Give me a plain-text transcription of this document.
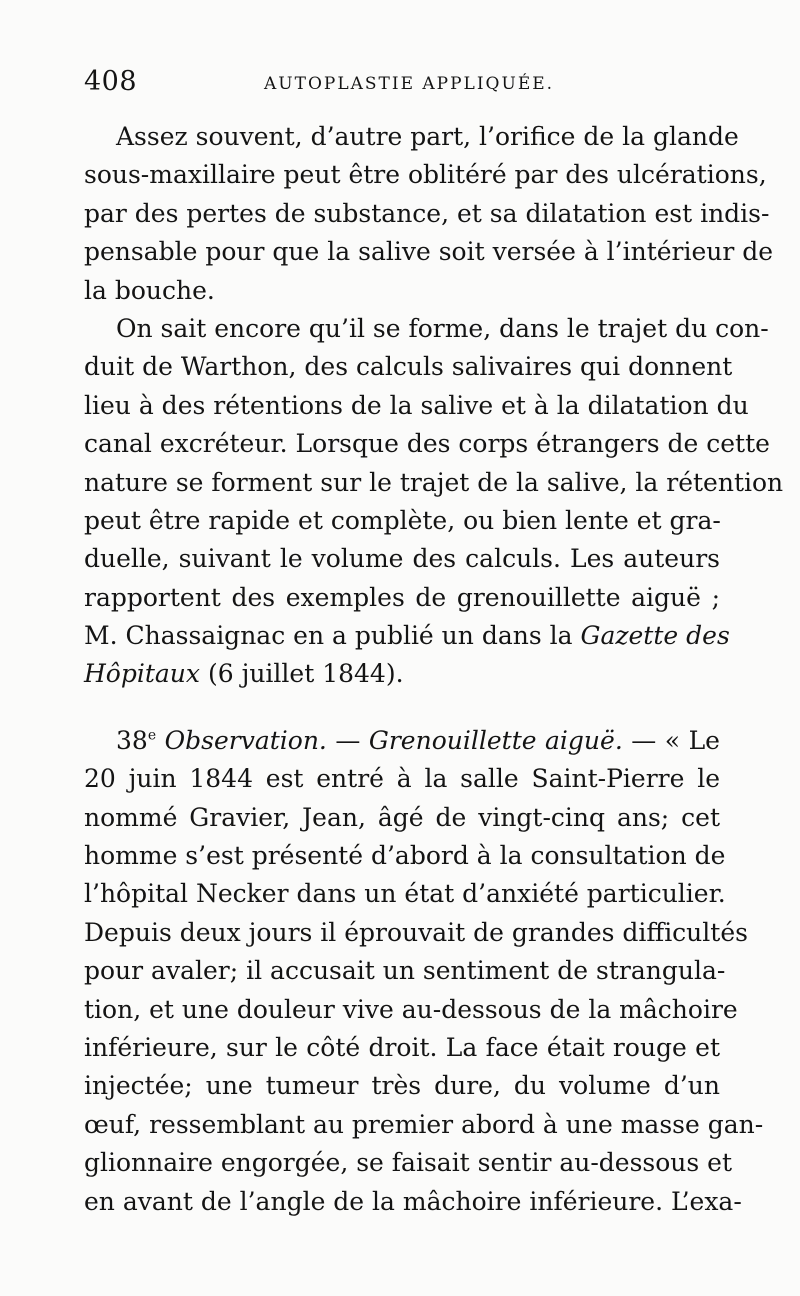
408	AUTOPLASTIE APPLIQUÉE.
Assez souvent, d’autre part, l’orifice de la glande
sous-maxillaire peut être oblitéré par des ulcérations,
par des pertes de substance, et sa dilatation est indis-
pensable pour que la salive soit versée à l’intérieur de
la bouche.
On sait encore qu’il se forme, dans le trajet du con-
duit de Warthon, des calculs salivaires qui donnent
lieu à des rétentions de la salive et à la dilatation du
canal excréteur. Lorsque des corps étrangers de cette
nature se forment sur le trajet de la salive, la rétention
peut être rapide et complète, ou bien lente et gra-
duelle, suivant le volume des calculs. Les auteurs
rapportent des exemples de grenouillette aiguë ;
M. Chassaignac en a publié un dans la Gazette des
Hôpitaux (6 juillet 1844).
38e Observation. — Grenouillette aiguë. — « Le
20 juin 1844 est entré à la salle Saint-Pierre le
nommé Gravier, Jean, âgé de vingt-cinq ans; cet
homme s’est présenté d’abord à la consultation de
l’hôpital Necker dans un état d’anxiété particulier.
Depuis deux jours il éprouvait de grandes difficultés
pour avaler; il accusait un sentiment de strangula-
tion, et une douleur vive au-dessous de la mâchoire
inférieure, sur le côté droit. La face était rouge et
injectée; une tumeur très dure, du volume d’un
œuf, ressemblant au premier abord à une masse gan-
glionnaire engorgée, se faisait sentir au-dessous et
en avant de l’angle de la mâchoire inférieure. L’exa-
